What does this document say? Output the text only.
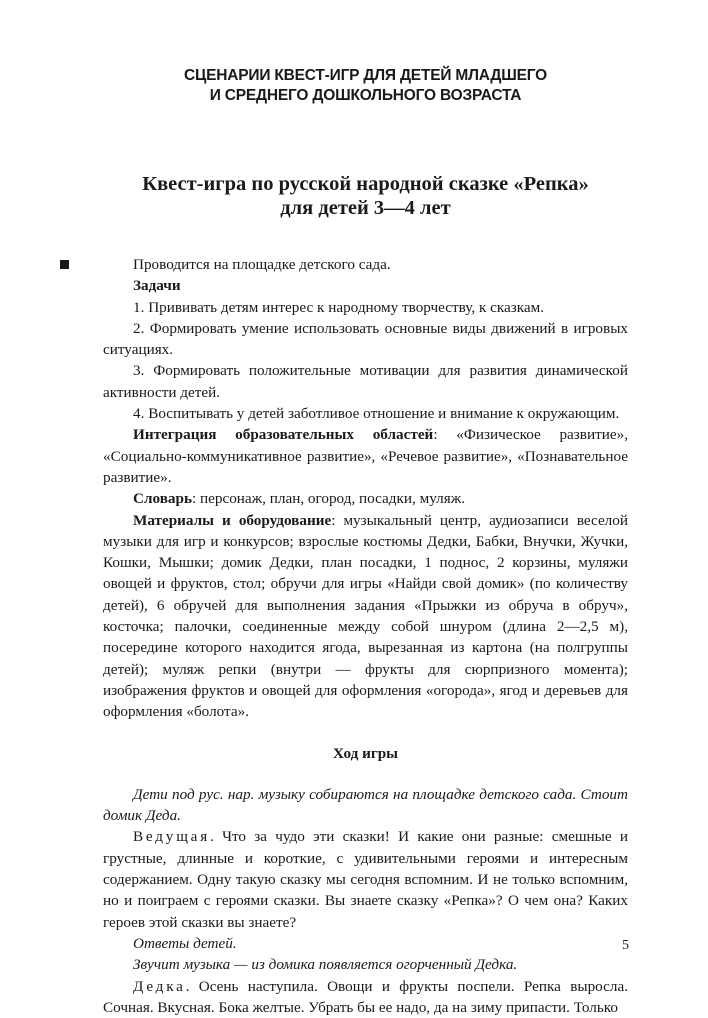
СЦЕНАРИИ КВЕСТ-ИГР ДЛЯ ДЕТЕЙ МЛАДШЕГО

И СРЕДНЕГО ДОШКОЛЬНОГО ВОЗРАСТА

Квест-игра по русской народной сказке «Репка»

для детей 3—4 лет

Проводится на площадке детского сада.

Задачи

1. Прививать детям интерес к народному творчеству, к сказкам.

2. Формировать умение использовать основные виды движений в игровых ситуациях.

3. Формировать положительные мотивации для развития динамической активности детей.

4. Воспитывать у детей заботливое отношение и внимание к окружающим.

Интеграция образовательных областей: «Физическое развитие», «Социально-коммуникативное развитие», «Речевое развитие», «Познавательное развитие».

Словарь: персонаж, план, огород, посадки, муляж.

Материалы и оборудование: музыкальный центр, аудиозаписи веселой музыки для игр и конкурсов; взрослые костюмы Дедки, Бабки, Внучки, Жучки, Кошки, Мышки; домик Дедки, план посадки, 1 поднос, 2 корзины, муляжи овощей и фруктов, стол; обручи для игры «Найди свой домик» (по количеству детей), 6 обручей для выполнения задания «Прыжки из обруча в обруч», косточка; палочки, соединенные между собой шнуром (длина 2—2,5 м), посередине которого находится ягода, вырезанная из картона (на полгруппы детей); муляж репки (внутри — фрукты для сюрпризного момента); изображения фруктов и овощей для оформления «огорода», ягод и деревьев для оформления «болота».

Ход игры

Дети под рус. нар. музыку собираются на площадке детского сада. Стоит домик Деда.

Ведущая. Что за чудо эти сказки! И какие они разные: смешные и грустные, длинные и короткие, с удивительными героями и интересным содержанием. Одну такую сказку мы сегодня вспомним. И не только вспомним, но и поиграем с героями сказки. Вы знаете сказку «Репка»? О чем она? Каких героев этой сказки вы знаете?

Ответы детей.

Звучит музыка — из домика появляется огорченный Дедка.

Дедка. Осень наступила. Овощи и фрукты поспели. Репка выросла. Сочная. Вкусная. Бока желтые. Убрать бы ее надо, да на зиму припасти. Только

5
